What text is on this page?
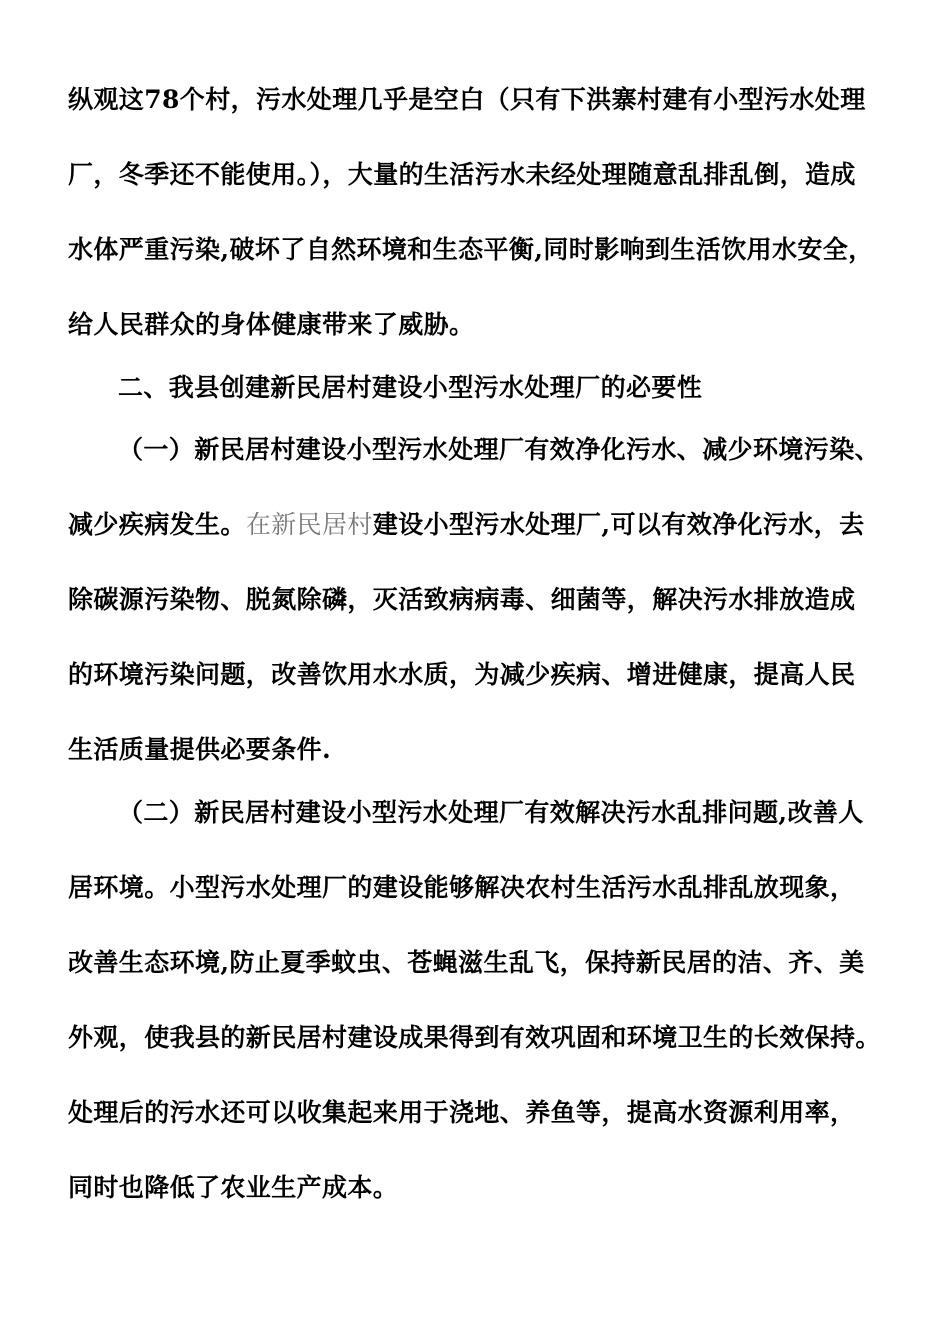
纵观这78个村，污水处理几乎是空白（只有下洪寨村建有小型污水处理
厂，冬季还不能使用。），大量的生活污水未经处理随意乱排乱倒，造成
水体严重污染,破坏了自然环境和生态平衡,同时影响到生活饮用水安全，
给人民群众的身体健康带来了威胁。
二、我县创建新民居村建设小型污水处理厂的必要性
（一）新民居村建设小型污水处理厂有效净化污水、减少环境污染、
减少疾病发生。在新民居村建设小型污水处理厂,可以有效净化污水，去
除碳源污染物、脱氮除磷，灭活致病病毒、细菌等，解决污水排放造成
的环境污染问题，改善饮用水水质，为减少疾病、增进健康，提高人民
生活质量提供必要条件.
（二）新民居村建设小型污水处理厂有效解决污水乱排问题,改善人
居环境。小型污水处理厂的建设能够解决农村生活污水乱排乱放现象，
改善生态环境,防止夏季蚊虫、苍蝇滋生乱飞，保持新民居的洁、齐、美
外观，使我县的新民居村建设成果得到有效巩固和环境卫生的长效保持。
处理后的污水还可以收集起来用于浇地、养鱼等，提高水资源利用率，
同时也降低了农业生产成本。
